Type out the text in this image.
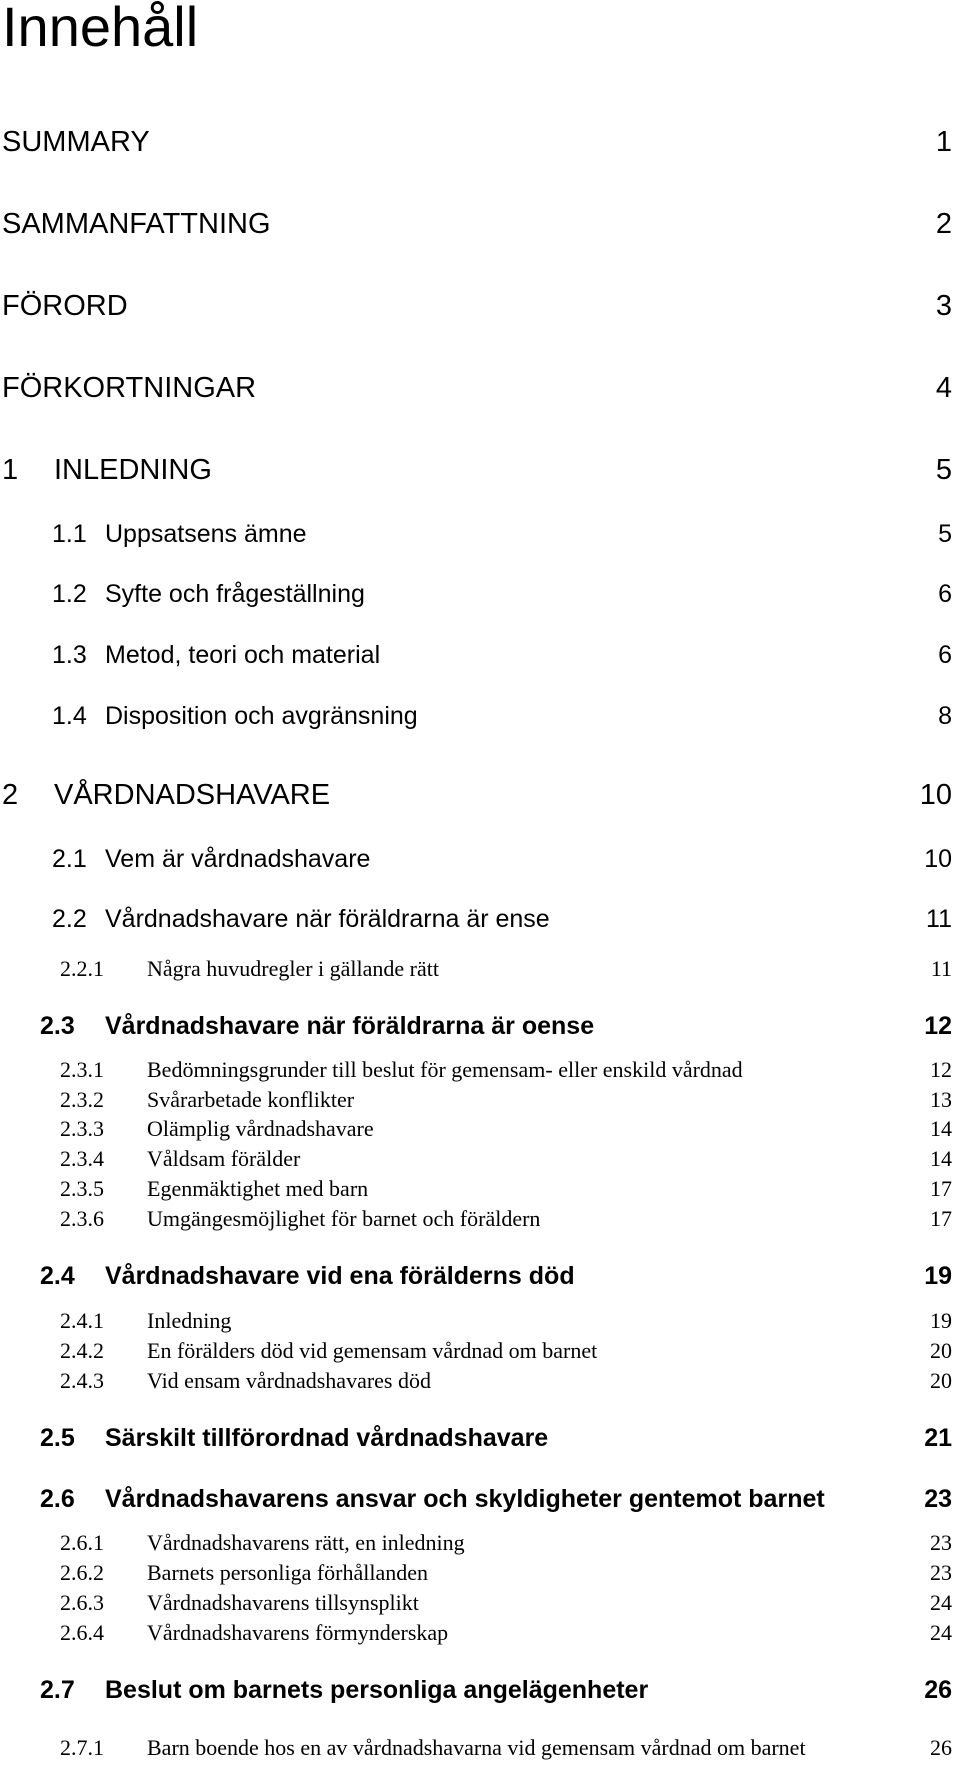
Innehåll
SUMMARY	1
SAMMANFATTNING	2
FÖRORD	3
FÖRKORTNINGAR	4
1 INLEDNING	5
1.1 Uppsatsens ämne	5
1.2 Syfte och frågeställning	6
1.3 Metod, teori och material	6
1.4 Disposition och avgränsning	8
2 VÅRDNADSHAVARE	10
2.1 Vem är vårdnadshavare	10
2.2 Vårdnadshavare när föräldrarna är ense	11
2.2.1 Några huvudregler i gällande rätt	11
2.3 Vårdnadshavare när föräldrarna är oense	12
2.3.1 Bedömningsgrunder till beslut för gemensam- eller enskild vårdnad	12
2.3.2 Svårarbetade konflikter	13
2.3.3 Olämplig vårdnadshavare	14
2.3.4 Våldsam förälder	14
2.3.5 Egenmäktighet med barn	17
2.3.6 Umgängesmöjlighet för barnet och föräldern	17
2.4 Vårdnadshavare vid ena förälderns död	19
2.4.1 Inledning	19
2.4.2 En förälders död vid gemensam vårdnad om barnet	20
2.4.3 Vid ensam vårdnadshavares död	20
2.5 Särskilt tillförordnad vårdnadshavare	21
2.6 Vårdnadshavarens ansvar och skyldigheter gentemot barnet	23
2.6.1 Vårdnadshavarens rätt, en inledning	23
2.6.2 Barnets personliga förhållanden	23
2.6.3 Vårdnadshavarens tillsynsplikt	24
2.6.4 Vårdnadshavarens förmynderskap	24
2.7 Beslut om barnets personliga angelägenheter	26
2.7.1 Barn boende hos en av vårdnadshavarna vid gemensam vårdnad om barnet	26
